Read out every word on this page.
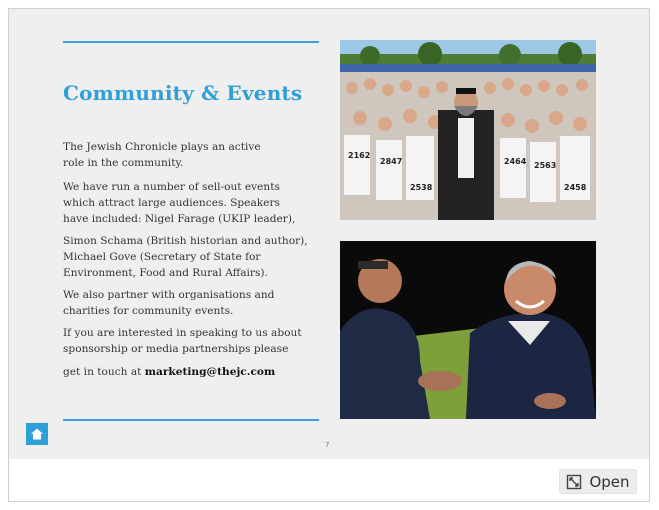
Community & Events
The Jewish Chronicle plays an active
role in the community.
We have run a number of sell-out events
which attract large audiences. Speakers
have included: Nigel Farage (UKIP leader),
Simon Schama (British historian and author),
Michael Gove (Secretary of State for
Environment, Food and Rural Affairs).
We also partner with organisations and
charities for community events.
If you are interested in speaking to us about
sponsorship or media partnerships please
get in touch at marketing@thejc.com
2162
2847
2538
2464 2563
2458
7
Open
